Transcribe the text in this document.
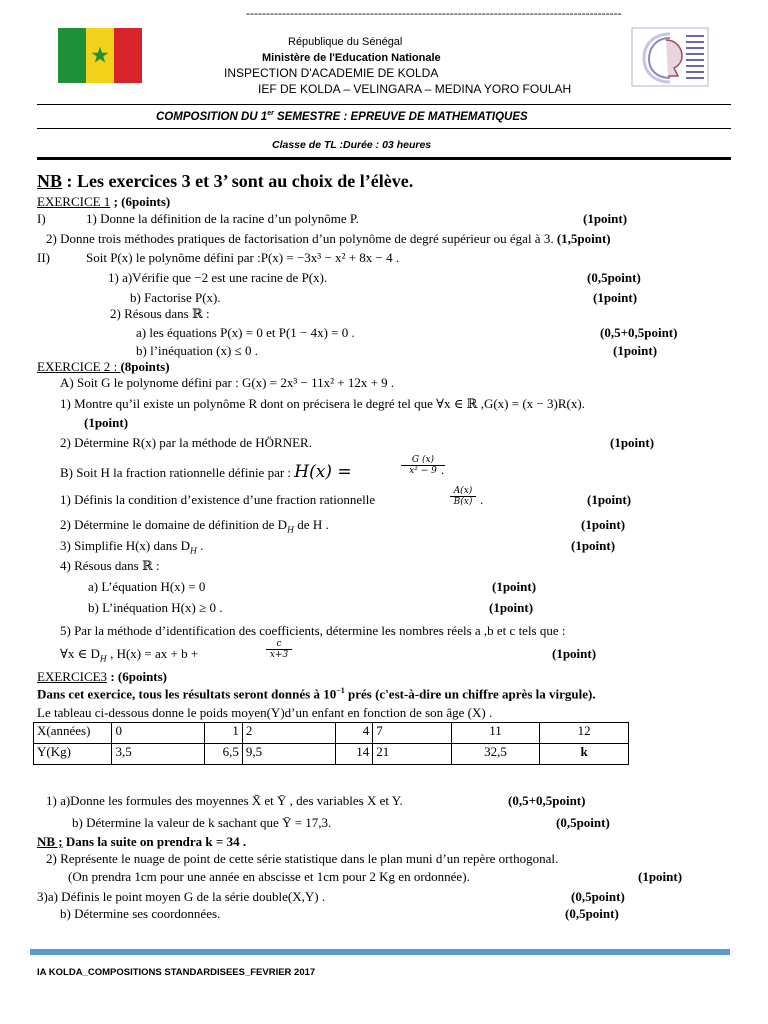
----------------------------------------------------------------------------------------------
★
République du Sénégal
Ministère de l'Education Nationale
INSPECTION D'ACADEMIE DE KOLDA
IEF DE KOLDA – VELINGARA – MEDINA YORO FOULAH
COMPOSITION DU 1er SEMESTRE : EPREUVE DE MATHEMATIQUES
Classe de TL :Durée : 03 heures
NB : Les exercices 3 et 3’ sont au choix de l’élève.
EXERCICE 1 ; (6points)
I)	1) Donne la définition de la racine d’un polynôme P.	(1point)
2) Donne trois méthodes pratiques de factorisation d’un polynôme de degré supérieur ou égal à 3. (1,5point)
II)	Soit P(x) le polynôme défini par :P(x) = −3x³ − x² + 8x − 4 .
1) a)Vérifie que −2 est une racine de P(x).	(0,5point)
b) Factorise P(x).	(1point)
2) Résous dans ℝ :
a) les équations P(x) = 0 et P(1 − 4x) = 0 .	(0,5+0,5point)
b) l’inéquation (x) ≤ 0 .	(1point)
EXERCICE 2 : (8points)
A) Soit G le polynome défini par : G(x) = 2x³ − 11x² + 12x + 9 .
1) Montre qu’il existe un polynôme R dont on précisera le degré tel que ∀x ∈ ℝ ,G(x) = (x − 3)R(x).
(1point)
2) Détermine R(x) par la méthode de HÖRNER.	(1point)
B) Soit H la fraction rationnelle définie par : H(x) =
G (x)
x² − 9 .
1) Définis la condition d’existence d’une fraction rationnelle
A(x)
B(x) .	(1point)
2) Détermine le domaine de définition de $D_H$ de H .	(1point)
3) Simplifie H(x) dans $D_H$ .	(1point)
4) Résous dans ℝ :
a) L’équation H(x) = 0	(1point)
b) L’inéquation H(x) ≥ 0 .	(1point)
5) Par la méthode d’identification des coefficients, détermine les nombres réels a ,b et c tels que :
∀x ∈ $D_H$ , H(x) = ax + b +
c
x+3	(1point)
EXERCICE3 : (6points)
Dans cet exercice, tous les résultats seront donnés à $10^{-1}$ prés (c'est-à-dire un chiffre après la virgule).
Le tableau ci-dessous donne le poids moyen(Y)d’un enfant en fonction de son âge (X) .
X(années)	0	1	2	4	7	11	12
Y(Kg)	3,5	6,5	9,5	14	21	32,5	k
1) a)Donne les formules des moyennes X̄ et Ȳ , des variables X et Y.	(0,5+0,5point)
b) Détermine la valeur de k sachant que Ȳ = 17,3.	(0,5point)
NB ; Dans la suite on prendra k = 34 .
2) Représente le nuage de point de cette série statistique dans le plan muni d’un repère orthogonal.
(On prendra 1cm pour une année en abscisse et 1cm pour 2 Kg en ordonnée).	(1point)
3)a) Définis le point moyen G de la série double(X,Y) .	(0,5point)
b) Détermine ses coordonnées.	(0,5point)
IA KOLDA_COMPOSITIONS STANDARDISEES_FEVRIER 2017
